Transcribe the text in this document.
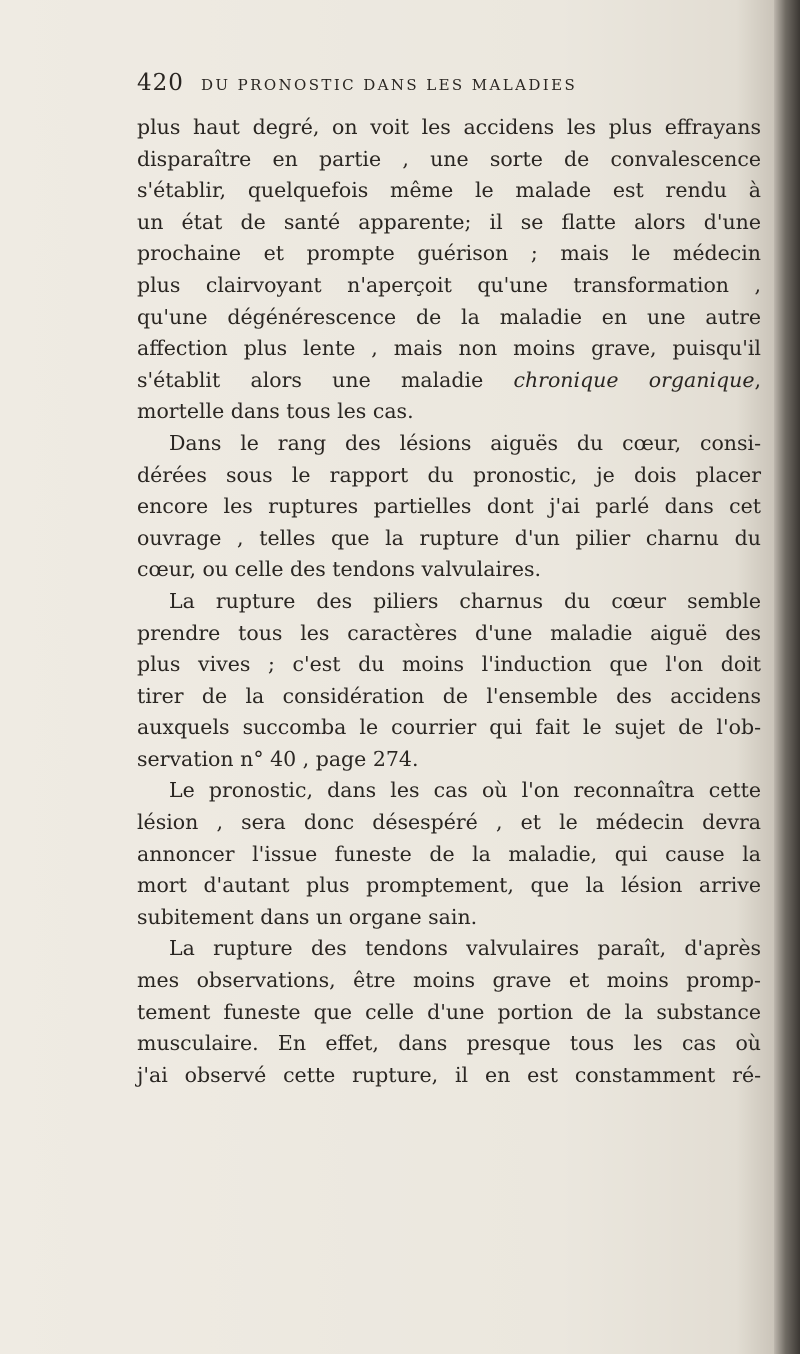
420 DU PRONOSTIC DANS LES MALADIES
plus haut degré, on voit les accidens les plus effrayans
disparaître en partie , une sorte de convalescence
s'établir, quelquefois même le malade est rendu à
un état de santé apparente; il se flatte alors d'une
prochaine et prompte guérison ; mais le médecin
plus clairvoyant n'aperçoit qu'une transformation ,
qu'une dégénérescence de la maladie en une autre
affection plus lente , mais non moins grave, puisqu'il
s'établit alors une maladie chronique organique,
mortelle dans tous les cas.
Dans le rang des lésions aiguës du cœur, consi-
dérées sous le rapport du pronostic, je dois placer
encore les ruptures partielles dont j'ai parlé dans cet
ouvrage , telles que la rupture d'un pilier charnu du
cœur, ou celle des tendons valvulaires.
La rupture des piliers charnus du cœur semble
prendre tous les caractères d'une maladie aiguë des
plus vives ; c'est du moins l'induction que l'on doit
tirer de la considération de l'ensemble des accidens
auxquels succomba le courrier qui fait le sujet de l'ob-
servation n° 40 , page 274.
Le pronostic, dans les cas où l'on reconnaîtra cette
lésion , sera donc désespéré , et le médecin devra
annoncer l'issue funeste de la maladie, qui cause la
mort d'autant plus promptement, que la lésion arrive
subitement dans un organe sain.
La rupture des tendons valvulaires paraît, d'après
mes observations, être moins grave et moins promp-
tement funeste que celle d'une portion de la substance
musculaire. En effet, dans presque tous les cas où
j'ai observé cette rupture, il en est constamment ré-
